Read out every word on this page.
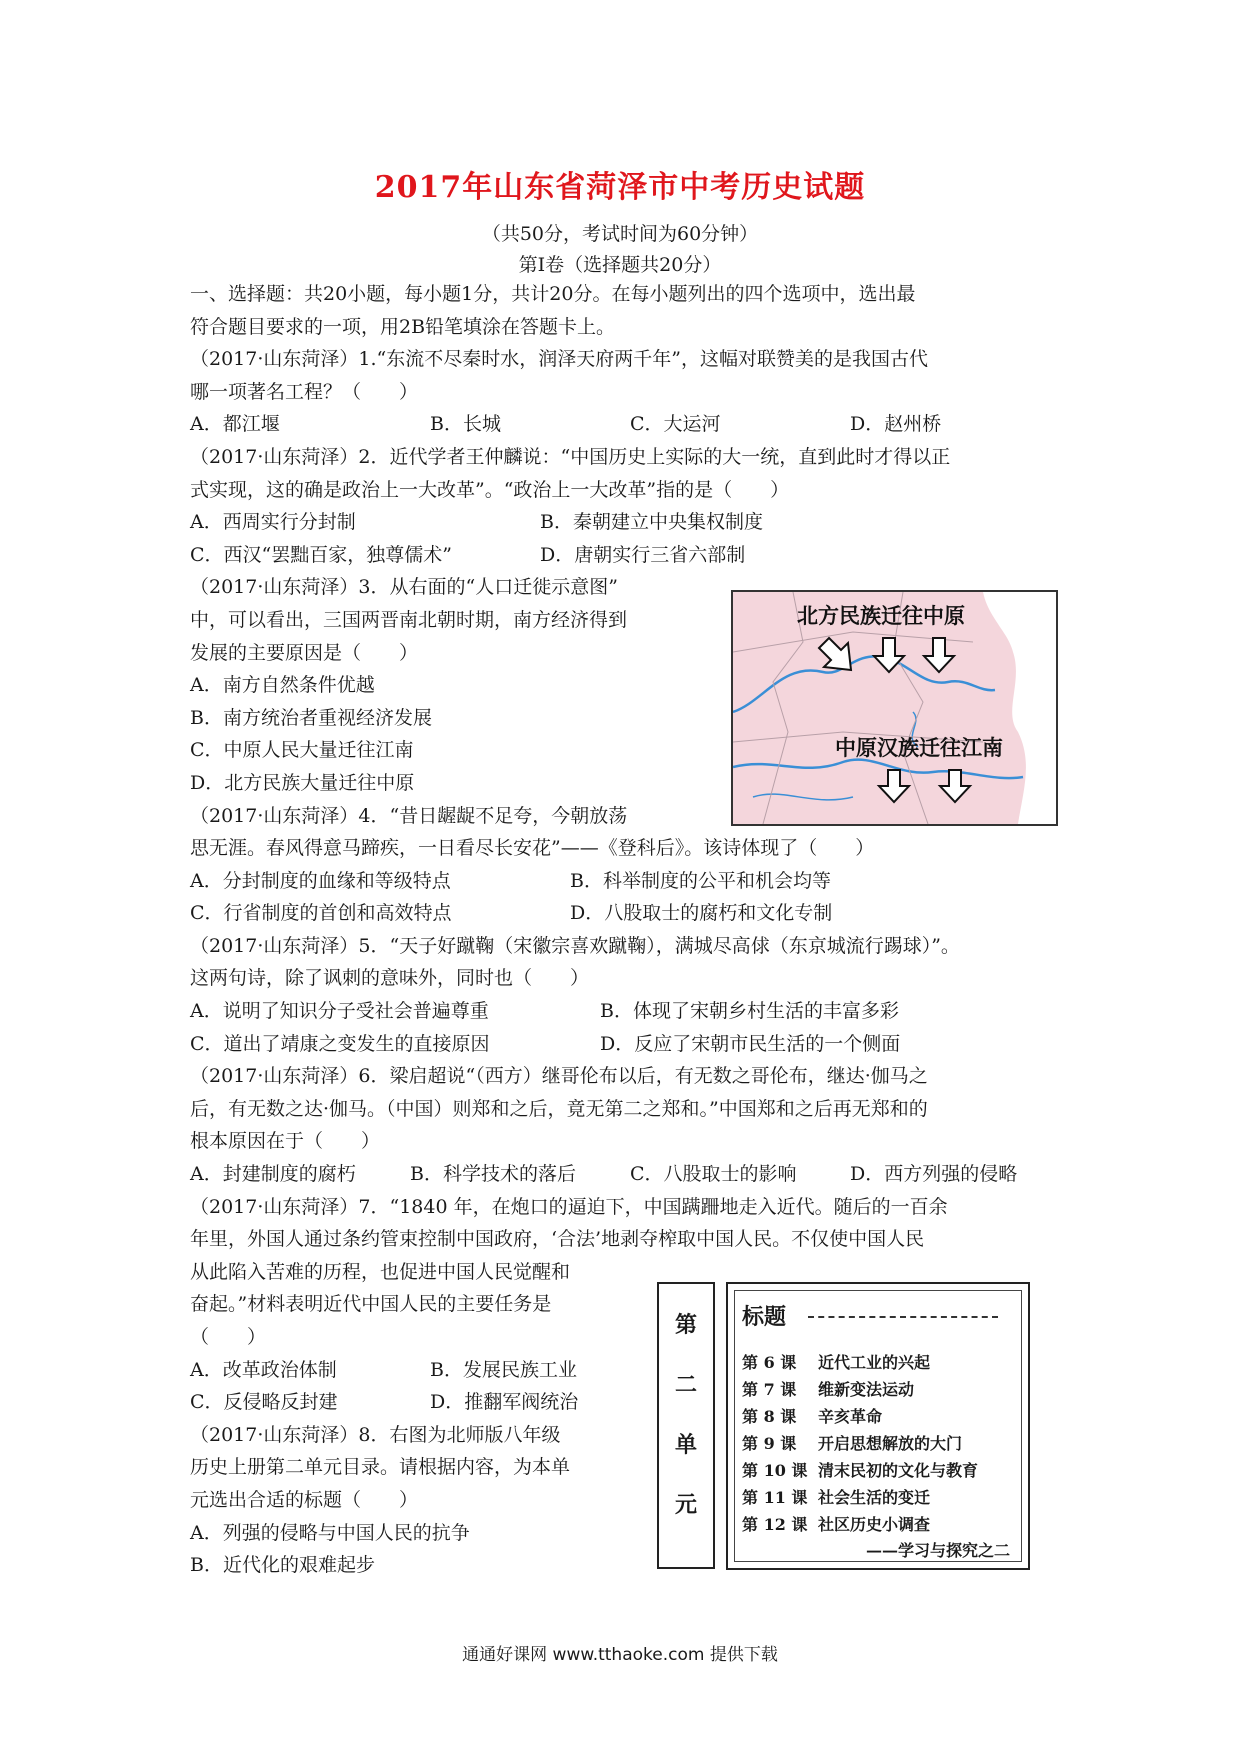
2017年山东省菏泽市中考历史试题
（共50分，考试时间为60分钟）
第Ⅰ卷（选择题共20分）
一、选择题：共20小题，每小题1分，共计20分。在每小题列出的四个选项中，选出最
符合题目要求的一项，用2B铅笔填涂在答题卡上。
（2017·山东菏泽）1.“东流不尽秦时水，润泽天府两千年”，这幅对联赞美的是我国古代
哪一项著名工程？（　　）
A．都江堰	B．长城	C．大运河	D．赵州桥
（2017·山东菏泽）2．近代学者王仲麟说：“中国历史上实际的大一统，直到此时才得以正
式实现，这的确是政治上一大改革”。“政治上一大改革”指的是（　　）
A．西周实行分封制	B．秦朝建立中央集权制度
C．西汉“罢黜百家，独尊儒术”	D．唐朝实行三省六部制
（2017·山东菏泽）3．从右面的“人口迁徙示意图”
中，可以看出，三国两晋南北朝时期，南方经济得到
发展的主要原因是（　　）
A．南方自然条件优越
B．南方统治者重视经济发展
C．中原人民大量迁往江南
D．北方民族大量迁往中原
（2017·山东菏泽）4．“昔日龌龊不足夸，今朝放荡
思无涯。春风得意马蹄疾，一日看尽长安花”——《登科后》。该诗体现了（　　）
A．分封制度的血缘和等级特点	B．科举制度的公平和机会均等
C．行省制度的首创和高效特点	D．八股取士的腐朽和文化专制
（2017·山东菏泽）5．“天子好蹴鞠（宋徽宗喜欢蹴鞠），满城尽高俅（东京城流行踢球）”。
这两句诗，除了讽刺的意味外，同时也（　　）
A．说明了知识分子受社会普遍尊重	B．体现了宋朝乡村生活的丰富多彩
C．道出了靖康之变发生的直接原因	D．反应了宋朝市民生活的一个侧面
（2017·山东菏泽）6．梁启超说“（西方）继哥伦布以后，有无数之哥伦布，继达·伽马之
后，有无数之达·伽马。（中国）则郑和之后，竟无第二之郑和。”中国郑和之后再无郑和的
根本原因在于（　　）
A．封建制度的腐朽	B．科学技术的落后	C．八股取士的影响	D．西方列强的侵略
（2017·山东菏泽）7．“1840 年，在炮口的逼迫下，中国蹒跚地走入近代。随后的一百余
年里，外国人通过条约管束控制中国政府，‘合法’地剥夺榨取中国人民。不仅使中国人民
从此陷入苦难的历程，也促进中国人民觉醒和
奋起。”材料表明近代中国人民的主要任务是
（　　）
A．改革政治体制	B．发展民族工业
C．反侵略反封建	D．推翻军阀统治
（2017·山东菏泽）8．右图为北师版八年级
历史上册第二单元目录。请根据内容，为本单
元选出合适的标题（　　）
A．列强的侵略与中国人民的抗争
B．近代化的艰难起步
北方民族迁往中原
中原汉族迁往江南
第
二
单
元
标题
第 6 课 近代工业的兴起
第 7 课 维新变法运动
第 8 课 辛亥革命
第 9 课 开启思想解放的大门
第 10 课 清末民初的文化与教育
第 11 课 社会生活的变迁
第 12 课 社区历史小调查
——学习与探究之二
通通好课网 www.tthaoke.com 提供下载
